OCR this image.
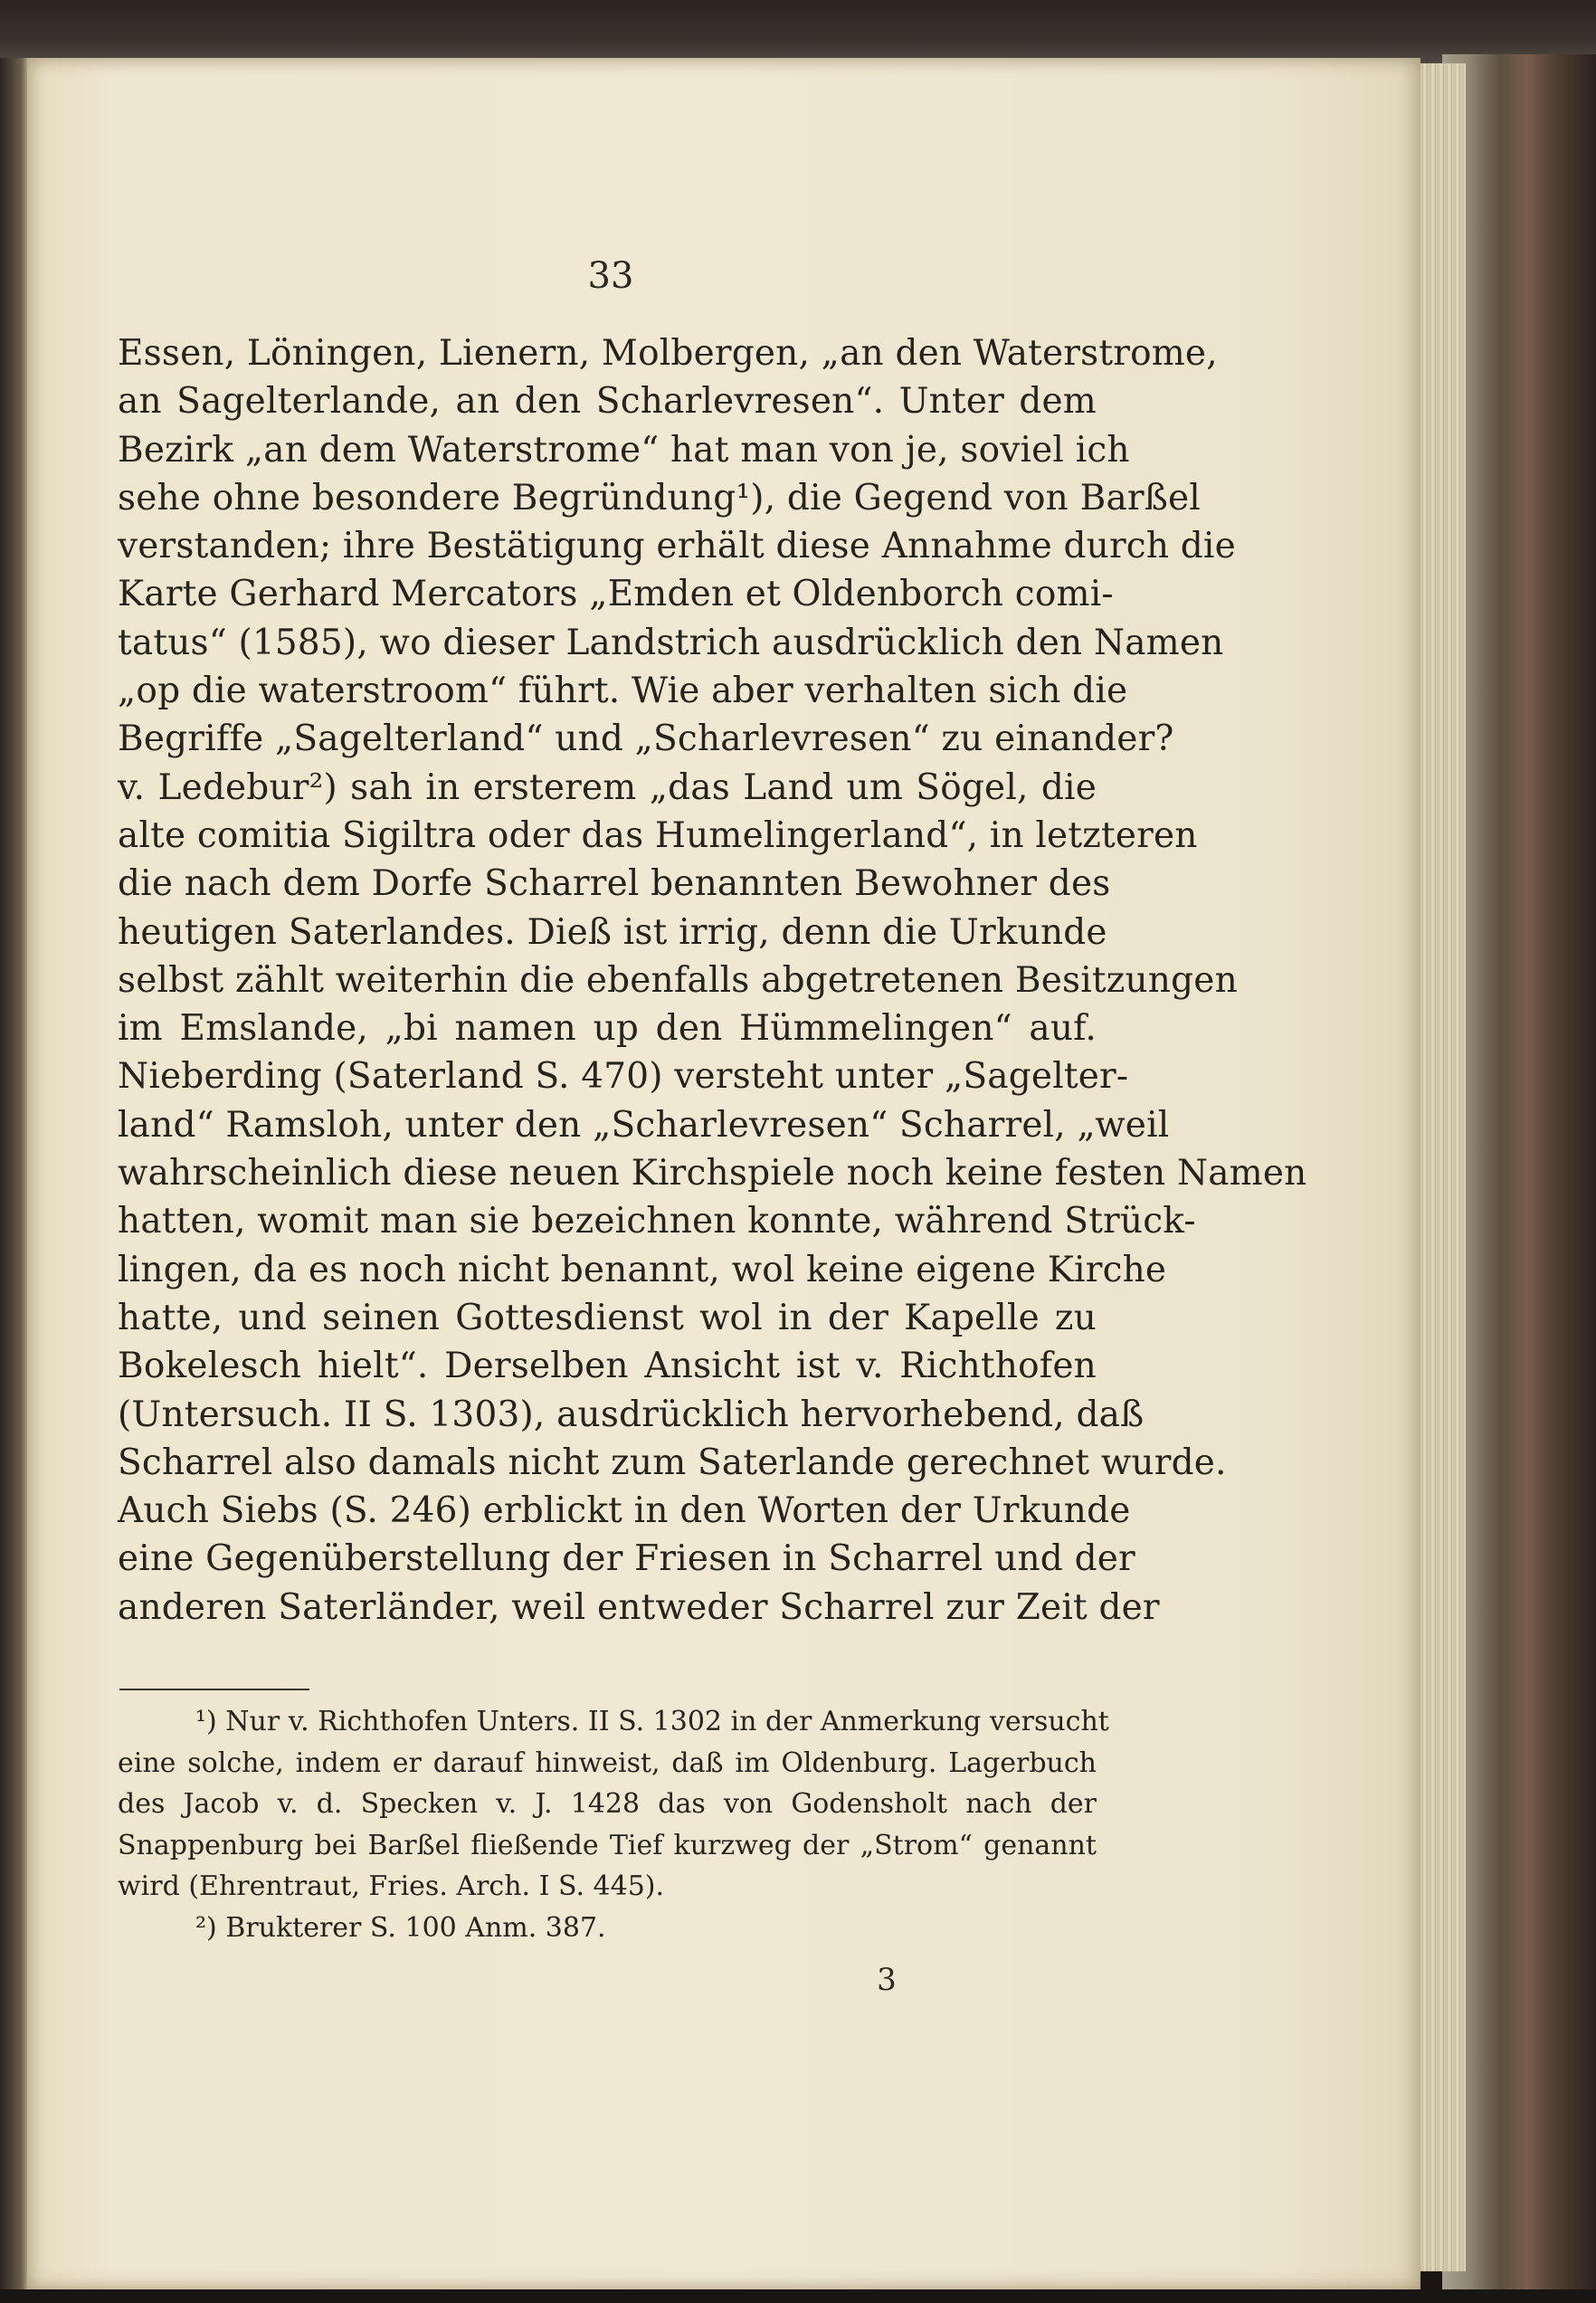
33
Essen, Löningen, Lienern, Molbergen, „an den Waterstrome,
an Sagelterlande, an den Scharlevresen“. Unter dem
Bezirk „an dem Waterstrome“ hat man von je, soviel ich
sehe ohne besondere Begründung¹), die Gegend von Barßel
verstanden; ihre Bestätigung erhält diese Annahme durch die
Karte Gerhard Mercators „Emden et Oldenborch comi-
tatus“ (1585), wo dieser Landstrich ausdrücklich den Namen
„op die waterstroom“ führt. Wie aber verhalten sich die
Begriffe „Sagelterland“ und „Scharlevresen“ zu einander?
v. Ledebur²) sah in ersterem „das Land um Sögel, die
alte comitia Sigiltra oder das Humelingerland“, in letzteren
die nach dem Dorfe Scharrel benannten Bewohner des
heutigen Saterlandes. Dieß ist irrig, denn die Urkunde
selbst zählt weiterhin die ebenfalls abgetretenen Besitzungen
im Emslande, „bi namen up den Hümmelingen“ auf.
Nieberding (Saterland S. 470) versteht unter „Sagelter-
land“ Ramsloh, unter den „Scharlevresen“ Scharrel, „weil
wahrscheinlich diese neuen Kirchspiele noch keine festen Namen
hatten, womit man sie bezeichnen konnte, während Strück-
lingen, da es noch nicht benannt, wol keine eigene Kirche
hatte, und seinen Gottesdienst wol in der Kapelle zu
Bokelesch hielt“. Derselben Ansicht ist v. Richthofen
(Untersuch. II S. 1303), ausdrücklich hervorhebend, daß
Scharrel also damals nicht zum Saterlande gerechnet wurde.
Auch Siebs (S. 246) erblickt in den Worten der Urkunde
eine Gegenüberstellung der Friesen in Scharrel und der
anderen Saterländer, weil entweder Scharrel zur Zeit der
¹) Nur v. Richthofen Unters. II S. 1302 in der Anmerkung versucht
eine solche, indem er darauf hinweist, daß im Oldenburg. Lagerbuch
des Jacob v. d. Specken v. J. 1428 das von Godensholt nach der
Snappenburg bei Barßel fließende Tief kurzweg der „Strom“ genannt
wird (Ehrentraut, Fries. Arch. I S. 445).
²) Brukterer S. 100 Anm. 387.
3
